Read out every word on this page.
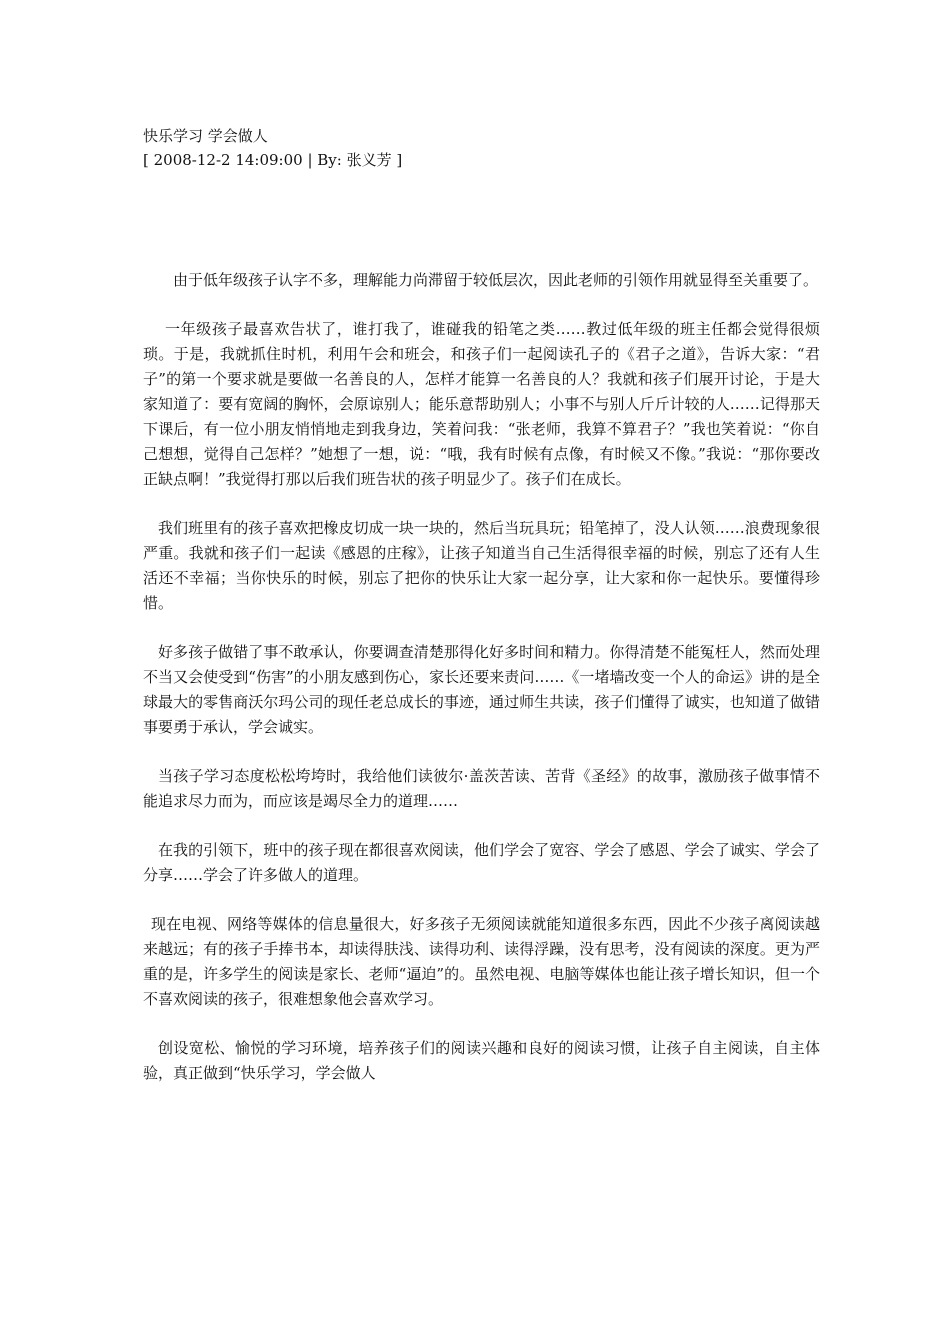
快乐学习 学会做人

[ 2008-12-2 14:09:00 | By: 张义芳 ]

由于低年级孩子认字不多，理解能力尚滞留于较低层次，因此老师的引领作用就显得至关重要了。

一年级孩子最喜欢告状了，谁打我了，谁碰我的铅笔之类……教过低年级的班主任都会觉得很烦琐。于是，我就抓住时机，利用午会和班会，和孩子们一起阅读孔子的《君子之道》，告诉大家：“君子”的第一个要求就是要做一名善良的人，怎样才能算一名善良的人？我就和孩子们展开讨论，于是大家知道了：要有宽阔的胸怀，会原谅别人；能乐意帮助别人；小事不与别人斤斤计较的人……记得那天下课后，有一位小朋友悄悄地走到我身边，笑着问我：“张老师，我算不算君子？”我也笑着说：“你自己想想，觉得自己怎样？”她想了一想，说：“哦，我有时候有点像，有时候又不像。”我说：“那你要改正缺点啊！”我觉得打那以后我们班告状的孩子明显少了。孩子们在成长。

我们班里有的孩子喜欢把橡皮切成一块一块的，然后当玩具玩；铅笔掉了，没人认领……浪费现象很严重。我就和孩子们一起读《感恩的庄稼》，让孩子知道当自己生活得很幸福的时候，别忘了还有人生活还不幸福；当你快乐的时候，别忘了把你的快乐让大家一起分享，让大家和你一起快乐。要懂得珍惜。

好多孩子做错了事不敢承认，你要调查清楚那得化好多时间和精力。你得清楚不能冤枉人，然而处理不当又会使受到“伤害”的小朋友感到伤心，家长还要来责问……《一堵墙改变一个人的命运》讲的是全球最大的零售商沃尔玛公司的现任老总成长的事迹，通过师生共读，孩子们懂得了诚实，也知道了做错事要勇于承认，学会诚实。

当孩子学习态度松松垮垮时，我给他们读彼尔·盖茨苦读、苦背《圣经》的故事，激励孩子做事情不能追求尽力而为，而应该是竭尽全力的道理……

在我的引领下，班中的孩子现在都很喜欢阅读，他们学会了宽容、学会了感恩、学会了诚实、学会了分享……学会了许多做人的道理。

现在电视、网络等媒体的信息量很大，好多孩子无须阅读就能知道很多东西，因此不少孩子离阅读越来越远；有的孩子手捧书本，却读得肤浅、读得功利、读得浮躁，没有思考，没有阅读的深度。更为严重的是，许多学生的阅读是家长、老师“逼迫”的。虽然电视、电脑等媒体也能让孩子增长知识，但一个不喜欢阅读的孩子，很难想象他会喜欢学习。

创设宽松、愉悦的学习环境，培养孩子们的阅读兴趣和良好的阅读习惯，让孩子自主阅读，自主体验，真正做到“快乐学习，学会做人
